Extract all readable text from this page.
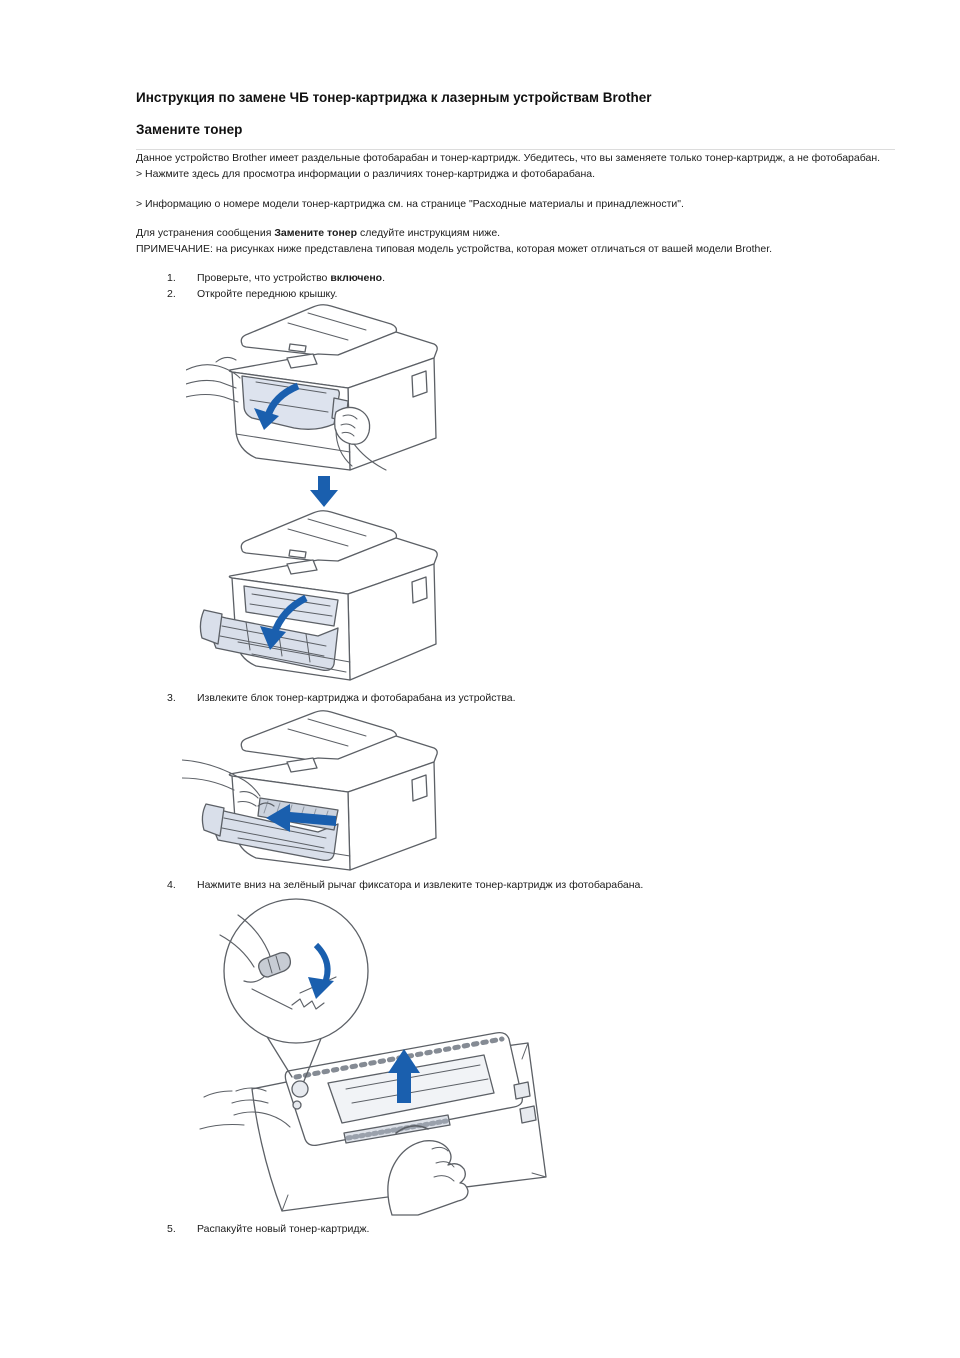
Инструкция по замене ЧБ тонер-картриджа к лазерным устройствам Brother
Замените тонер
Данное устройство Brother имеет раздельные фотобарабан и тонер-картридж. Убедитесь, что вы заменяете только тонер-картридж, а не фотобарабан.
> Нажмите здесь для просмотра информации о различиях тонер-картриджа и фотобарабана.
> Информацию о номере модели тонер-картриджа см. на странице "Расходные материалы и принадлежности".
Для устранения сообщения Замените тонер следуйте инструкциям ниже.
ПРИМЕЧАНИЕ: на рисунках ниже представлена типовая модель устройства, которая может отличаться от вашей модели Brother.
1. Проверьте, что устройство включено.
2. Откройте переднюю крышку.
3. Извлеките блок тонер-картриджа и фотобарабана из устройства.
4. Нажмите вниз на зелёный рычаг фиксатора и извлеките тонер-картридж из фотобарабана.
5. Распакуйте новый тонер-картридж.
